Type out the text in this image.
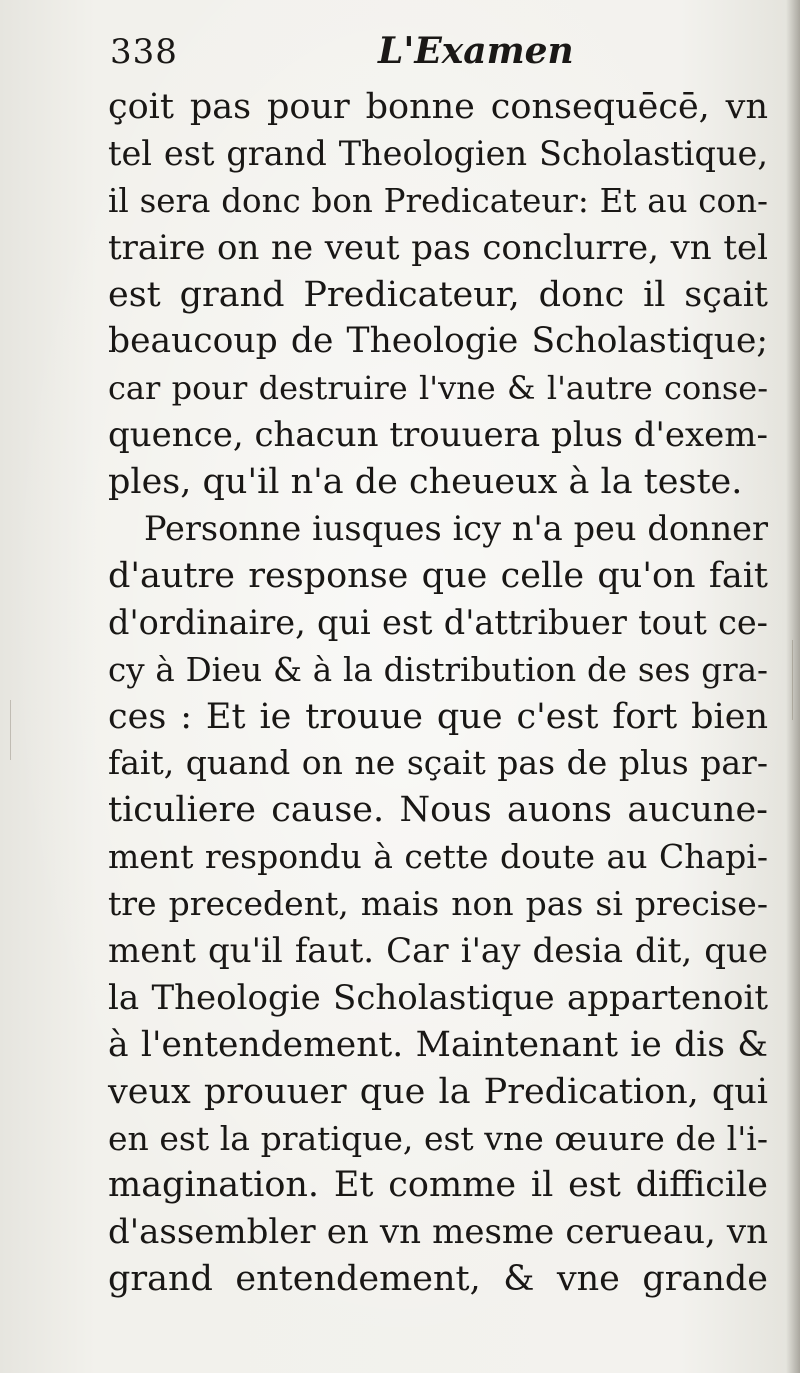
338	L'Examen
çoit pas pour bonne consequēcē, vn
tel est grand Theologien Scholastique,
il sera donc bon Predicateur: Et au con-
traire on ne veut pas conclurre, vn tel
est grand Predicateur, donc il sçait
beaucoup de Theologie Scholastique;
car pour destruire l'vne & l'autre conse-
quence, chacun trouuera plus d'exem-
ples, qu'il n'a de cheueux à la teste.
Personne iusques icy n'a peu donner
d'autre response que celle qu'on fait
d'ordinaire, qui est d'attribuer tout ce-
cy à Dieu & à la distribution de ses gra-
ces : Et ie trouue que c'est fort bien
fait, quand on ne sçait pas de plus par-
ticuliere cause. Nous auons aucune-
ment respondu à cette doute au Chapi-
tre precedent, mais non pas si precise-
ment qu'il faut. Car i'ay desia dit, que
la Theologie Scholastique appartenoit
à l'entendement. Maintenant ie dis &
veux prouuer que la Predication, qui
en est la pratique, est vne œuure de l'i-
magination. Et comme il est difficile
d'assembler en vn mesme cerueau, vn
grand entendement, & vne grande
